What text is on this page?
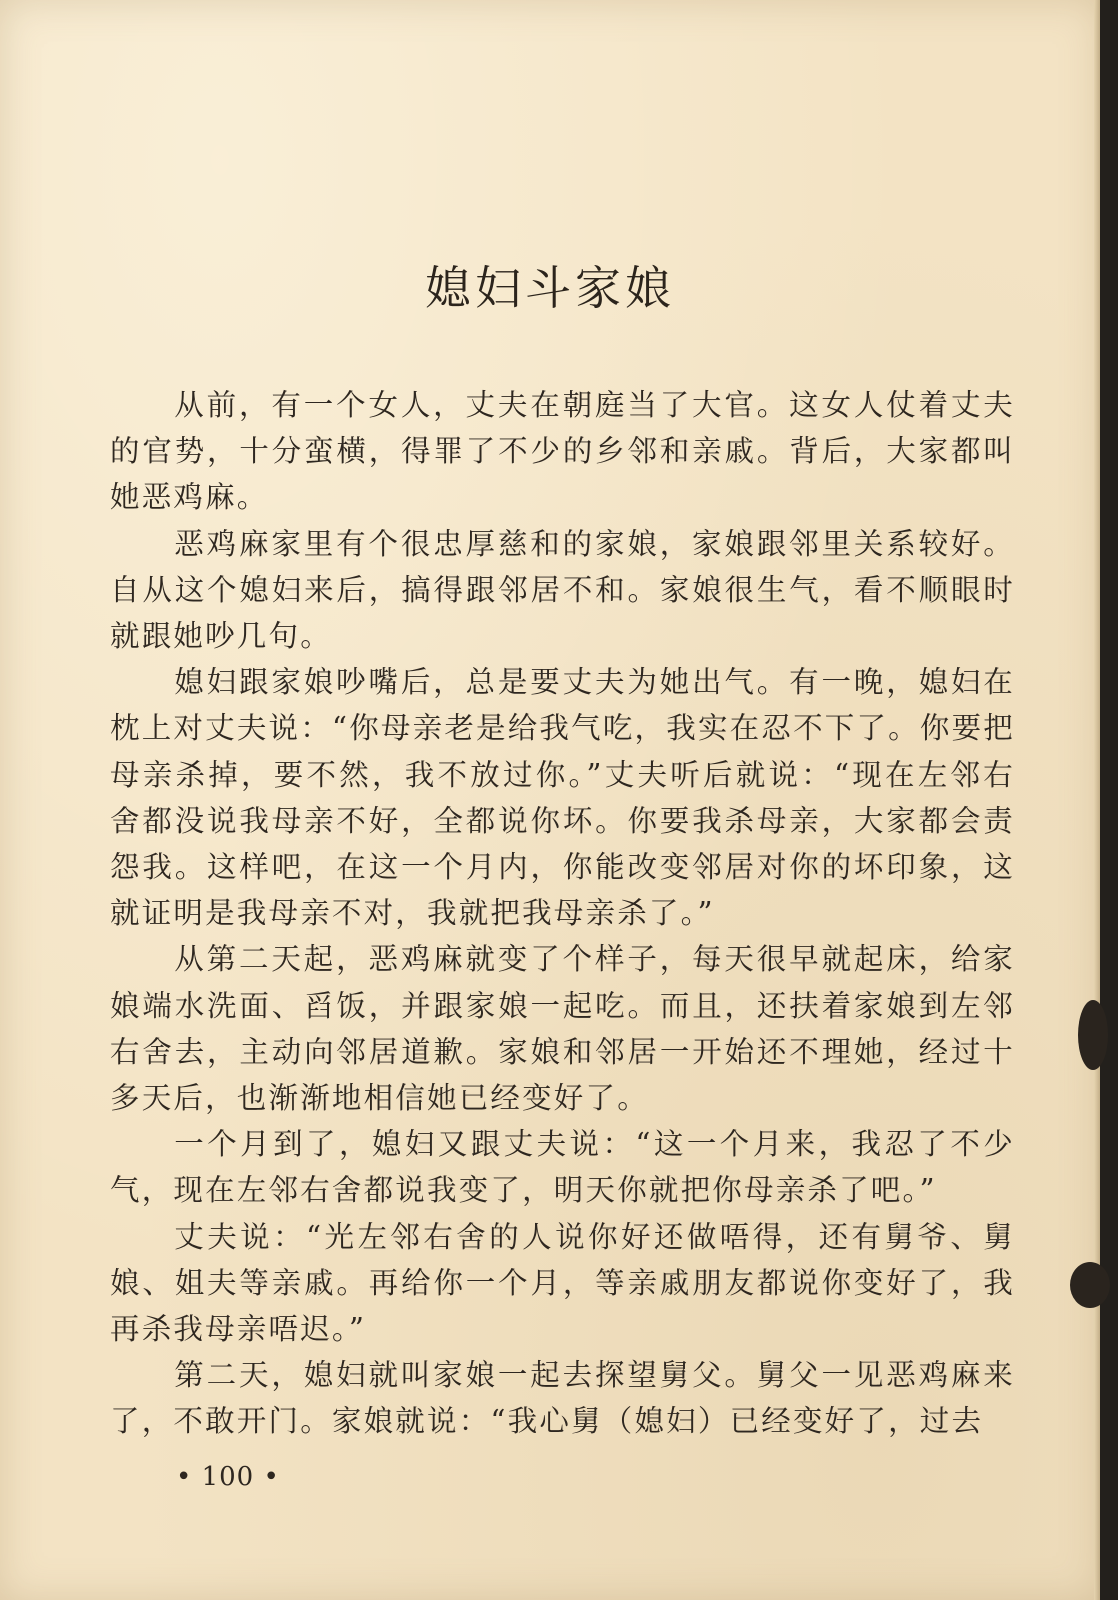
媳妇斗家娘

从前，有一个女人，丈夫在朝庭当了大官。这女人仗着丈夫的官势，十分蛮横，得罪了不少的乡邻和亲戚。背后，大家都叫她恶鸡麻。

恶鸡麻家里有个很忠厚慈和的家娘，家娘跟邻里关系较好。自从这个媳妇来后，搞得跟邻居不和。家娘很生气，看不顺眼时就跟她吵几句。

媳妇跟家娘吵嘴后，总是要丈夫为她出气。有一晚，媳妇在枕上对丈夫说：“你母亲老是给我气吃，我实在忍不下了。你要把母亲杀掉，要不然，我不放过你。”丈夫听后就说：“现在左邻右舍都没说我母亲不好，全都说你坏。你要我杀母亲，大家都会责怨我。这样吧，在这一个月内，你能改变邻居对你的坏印象，这就证明是我母亲不对，我就把我母亲杀了。”

从第二天起，恶鸡麻就变了个样子，每天很早就起床，给家娘端水洗面、舀饭，并跟家娘一起吃。而且，还扶着家娘到左邻右舍去，主动向邻居道歉。家娘和邻居一开始还不理她，经过十多天后，也渐渐地相信她已经变好了。

一个月到了，媳妇又跟丈夫说：“这一个月来，我忍了不少气，现在左邻右舍都说我变了，明天你就把你母亲杀了吧。”

丈夫说：“光左邻右舍的人说你好还做唔得，还有舅爷、舅娘、姐夫等亲戚。再给你一个月，等亲戚朋友都说你变好了，我再杀我母亲唔迟。”

第二天，媳妇就叫家娘一起去探望舅父。舅父一见恶鸡麻来了，不敢开门。家娘就说：“我心舅（媳妇）已经变好了，过去

• 100 •
